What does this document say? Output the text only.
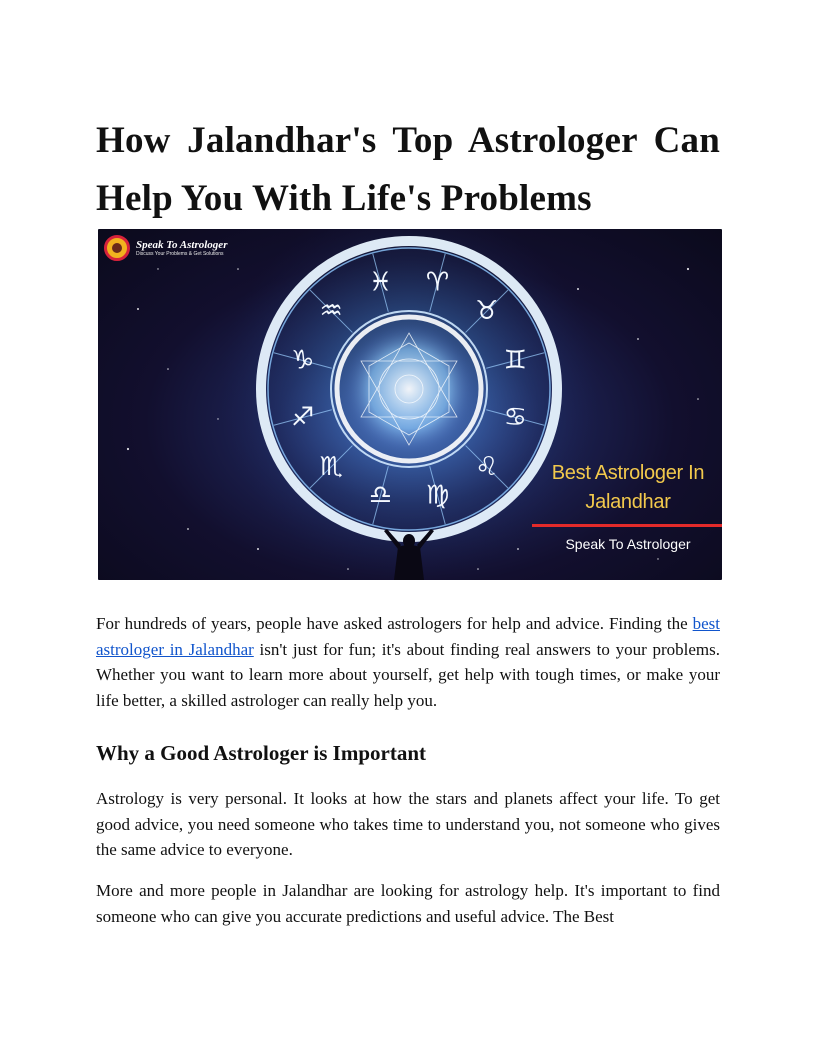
How Jalandhar's Top Astrologer Can Help You With Life's Problems
♓ ♈
♉
♊
♋
♌
♍
♎
♏
♐
♑
♒
Speak To Astrologer
Discuss Your Problems & Get Solutions
Best Astrologer In
Jalandhar
Speak To Astrologer

For hundreds of years, people have asked astrologers for help and advice. Finding the best astrologer in Jalandhar isn't just for fun; it's about finding real answers to your problems. Whether you want to learn more about yourself, get help with tough times, or make your life better, a skilled astrologer can really help you.

Why a Good Astrologer is Important

Astrology is very personal. It looks at how the stars and planets affect your life. To get good advice, you need someone who takes time to understand you, not someone who gives the same advice to everyone.

More and more people in Jalandhar are looking for astrology help. It's important to find someone who can give you accurate predictions and useful advice. The Best
